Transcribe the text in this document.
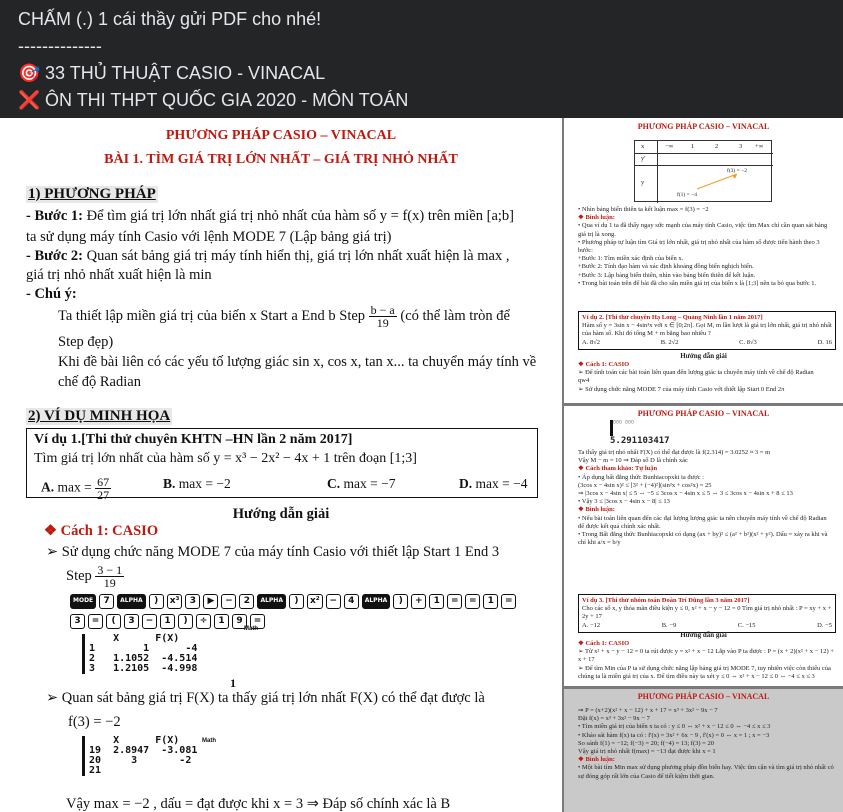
CHẤM (.) 1 cái thầy gửi PDF cho nhé!
--------------
🎯 33 THỦ THUẬT CASIO - VINACAL
❌ ÔN THI THPT QUỐC GIA 2020 - MÔN TOÁN
PHƯƠNG PHÁP CASIO – VINACAL
BÀI 1. TÌM GIÁ TRỊ LỚN NHẤT – GIÁ TRỊ NHỎ NHẤT
1) PHƯƠNG PHÁP
- Bước 1: Để tìm giá trị lớn nhất giá trị nhỏ nhất của hàm số y = f(x) trên miền [a;b]
ta sử dụng máy tính Casio với lệnh MODE 7 (Lập bảng giá trị)
- Bước 2: Quan sát bảng giá trị máy tính hiển thị, giá trị lớn nhất xuất hiện là max ,
giá trị nhỏ nhất xuất hiện là min
- Chú ý:
Ta thiết lập miền giá trị của biến x Start a End b Step $\frac{b - a}{19}$ (có thể làm tròn để
Step đẹp)
Khi đề bài liên có các yếu tố lượng giác sin x, cos x, tan x... ta chuyển máy tính về
chế độ Radian
2) VÍ DỤ MINH HỌA
Ví dụ 1.[Thi thử chuyên KHTN –HN lần 2 năm 2017]
Tìm giá trị lớn nhất của hàm số y = x³ − 2x² − 4x + 1 trên đoạn [1;3]
A. $\max = \frac{67}{27}$	B. max = −2	C. max = −7	D. max = −4
Hướng dẫn giải
❖ Cách 1: CASIO
➢ Sử dụng chức năng MODE 7 của máy tính Casio với thiết lập Start 1 End 3
Step $\frac{3 - 1}{19}$
MODE	7	ALPHA	)	x³	3	▶	−	2	ALPHA	)	x²	−	4	ALPHA	)	+	1	=	=	1	=
3	=	(	3	−	1	)	÷	1	9	=
Math
X      F(X)
1        1      -4
2   1.1052  -4.514
3   1.2105  -4.998
1
➢ Quan sát bảng giá trị F(X) ta thấy giá trị lớn nhất F(X) có thể đạt được là
f(3) = −2
X      F(X)
19  2.8947  -3.081
20     3       -2
21
Math
Vậy max = −2 , dấu = đạt được khi x = 3 ⇒ Đáp số chính xác là B
PHƯƠNG PHÁP CASIO – VINACAL
x	−∞	1	2	3 +∞
y'
y
f(1) = −4
f(3) = −2
• Nhìn bảng biến thiên ta kết luận max = f(3) = −2
❖ Bình luận:
• Qua ví dụ 1 ta đã thấy ngay sức mạnh của máy tính Casio, việc tìm Max chỉ cần quan sát bảng giá trị là xong.
• Phương pháp tự luận tìm Giá trị lớn nhất, giá trị nhỏ nhất của hàm số được tiến hành theo 3 bước:
+Bước 1: Tìm miền xác định của biến x.
+Bước 2: Tính đạo hàm và xác định khoảng đồng biến nghịch biến.
+Bước 3: Lập bảng biến thiên, nhìn vào bảng biến thiên để kết luận.
• Trong bài toán trên để bài đã cho sẵn miền giá trị của biến x là [1;3] nên ta bỏ qua bước 1.
Ví dụ 2. [Thi thử chuyên Hạ Long – Quảng Ninh lần 1 năm 2017]
Hàm số y = 3sin x − 4sin³x với x ∈ [0;2π]. Gọi M, m lần lượt là giá trị lớn nhất, giá trị nhỏ nhất của hàm số. Khi đó tổng M + m bằng bao nhiêu ?
A. 8√2	B. 2√2	C. 8√3	D. 16
Hướng dẫn giải
❖ Cách 1: CASIO
➢ Để tính toán các bài toán liên quan đến lượng giác ta chuyển máy tính về chế độ Radian
qw4
➢ Sử dụng chức năng MODE 7 của máy tính Casio với thiết lập Start 0 End 2π
PHƯƠNG PHÁP CASIO – VINACAL
▯▯▯ ▯▯▯
5.291103417
Ta thấy giá trị nhỏ nhất F(X) có thể đạt được là f(2.314) = 3.0252 ≈ 3 = m
Vậy M − m = 10 ⇒ Đáp số D là chính xác
❖ Cách tham khảo: Tự luận
• Áp dụng bất đẳng thức Bunhiacopxki ta được :
(3cos x − 4sin x)² ≤ [3² + (−4)²](sin²x + cos²x) = 25
⇒ |3cos x − 4sin x| ≤ 5 ⇔ −5 ≤ 3cos x − 4sin x ≤ 5 ⇔ 3 ≤ 3cos x − 4sin x + 8 ≤ 13
• Vậy 3 ≤ |3cos x − 4sin x − 8| ≤ 13
❖ Bình luận:
• Nếu bài toán liên quan đến các đại lượng lượng giác ta nên chuyển máy tính về chế độ Radian để được kết quả chính xác nhất.
• Trong Bất đẳng thức Bunhiacopxki có dạng (ax + by)² ≤ (a² + b²)(x² + y²). Dấu = xảy ra khi và chỉ khi a/x = b/y
Ví dụ 3. [Thi thử nhóm toán Đoàn Trí Dũng lần 3 năm 2017]
Cho các số x, y thỏa mãn điều kiện y ≤ 0, x² + x − y − 12 = 0 Tìm giá trị nhỏ nhất : P = xy + x + 2y + 17
A. −12	B. −9	C. −15	D. −5
Hướng dẫn giải
❖ Cách 1: CASIO
➢ Từ x² + x − y − 12 = 0 ta rút được y = x² + x − 12 Lắp vào P ta được : P = (x + 2)(x² + x − 12) + x + 17
➢ Để tìm Min của P ta sử dụng chức năng lập bảng giá trị MODE 7, tuy nhiên việc còn thiếu của chúng ta là miền giá trị của x. Để tìm điều này ta xét y ≤ 0 ⇔ x² + x − 12 ≤ 0 ⇔ −4 ≤ x ≤ 3
PHƯƠNG PHÁP CASIO – VINACAL
⇒ P = (x+2)(x² + x − 12) + x + 17 = x³ + 3x² − 9x − 7
Đặt f(x) = x³ + 3x² − 9x − 7
• Tìm miền giá trị của biến x ta có : y ≤ 0 ⇔ x² + x − 12 ≤ 0 ⇔ −4 ≤ x ≤ 3
• Khảo sát hàm f(x) ta có : f'(x) = 3x² + 6x − 9 , f'(x) = 0 ⇔ x = 1 ; x = −3
So sánh f(1) = −12; f(−3) = 20; f(−4) = 13; f(3) = 20
Vậy giá trị nhỏ nhất f(max) = −13 đạt được khi x = 1
❖ Bình luận:
• Một bài tìm Min max sử dụng phương pháp đồn biến hay. Việc tìm cận và tìm giá trị nhỏ nhất có sự đóng góp rất lớn của Casio để tiết kiệm thời gian.
